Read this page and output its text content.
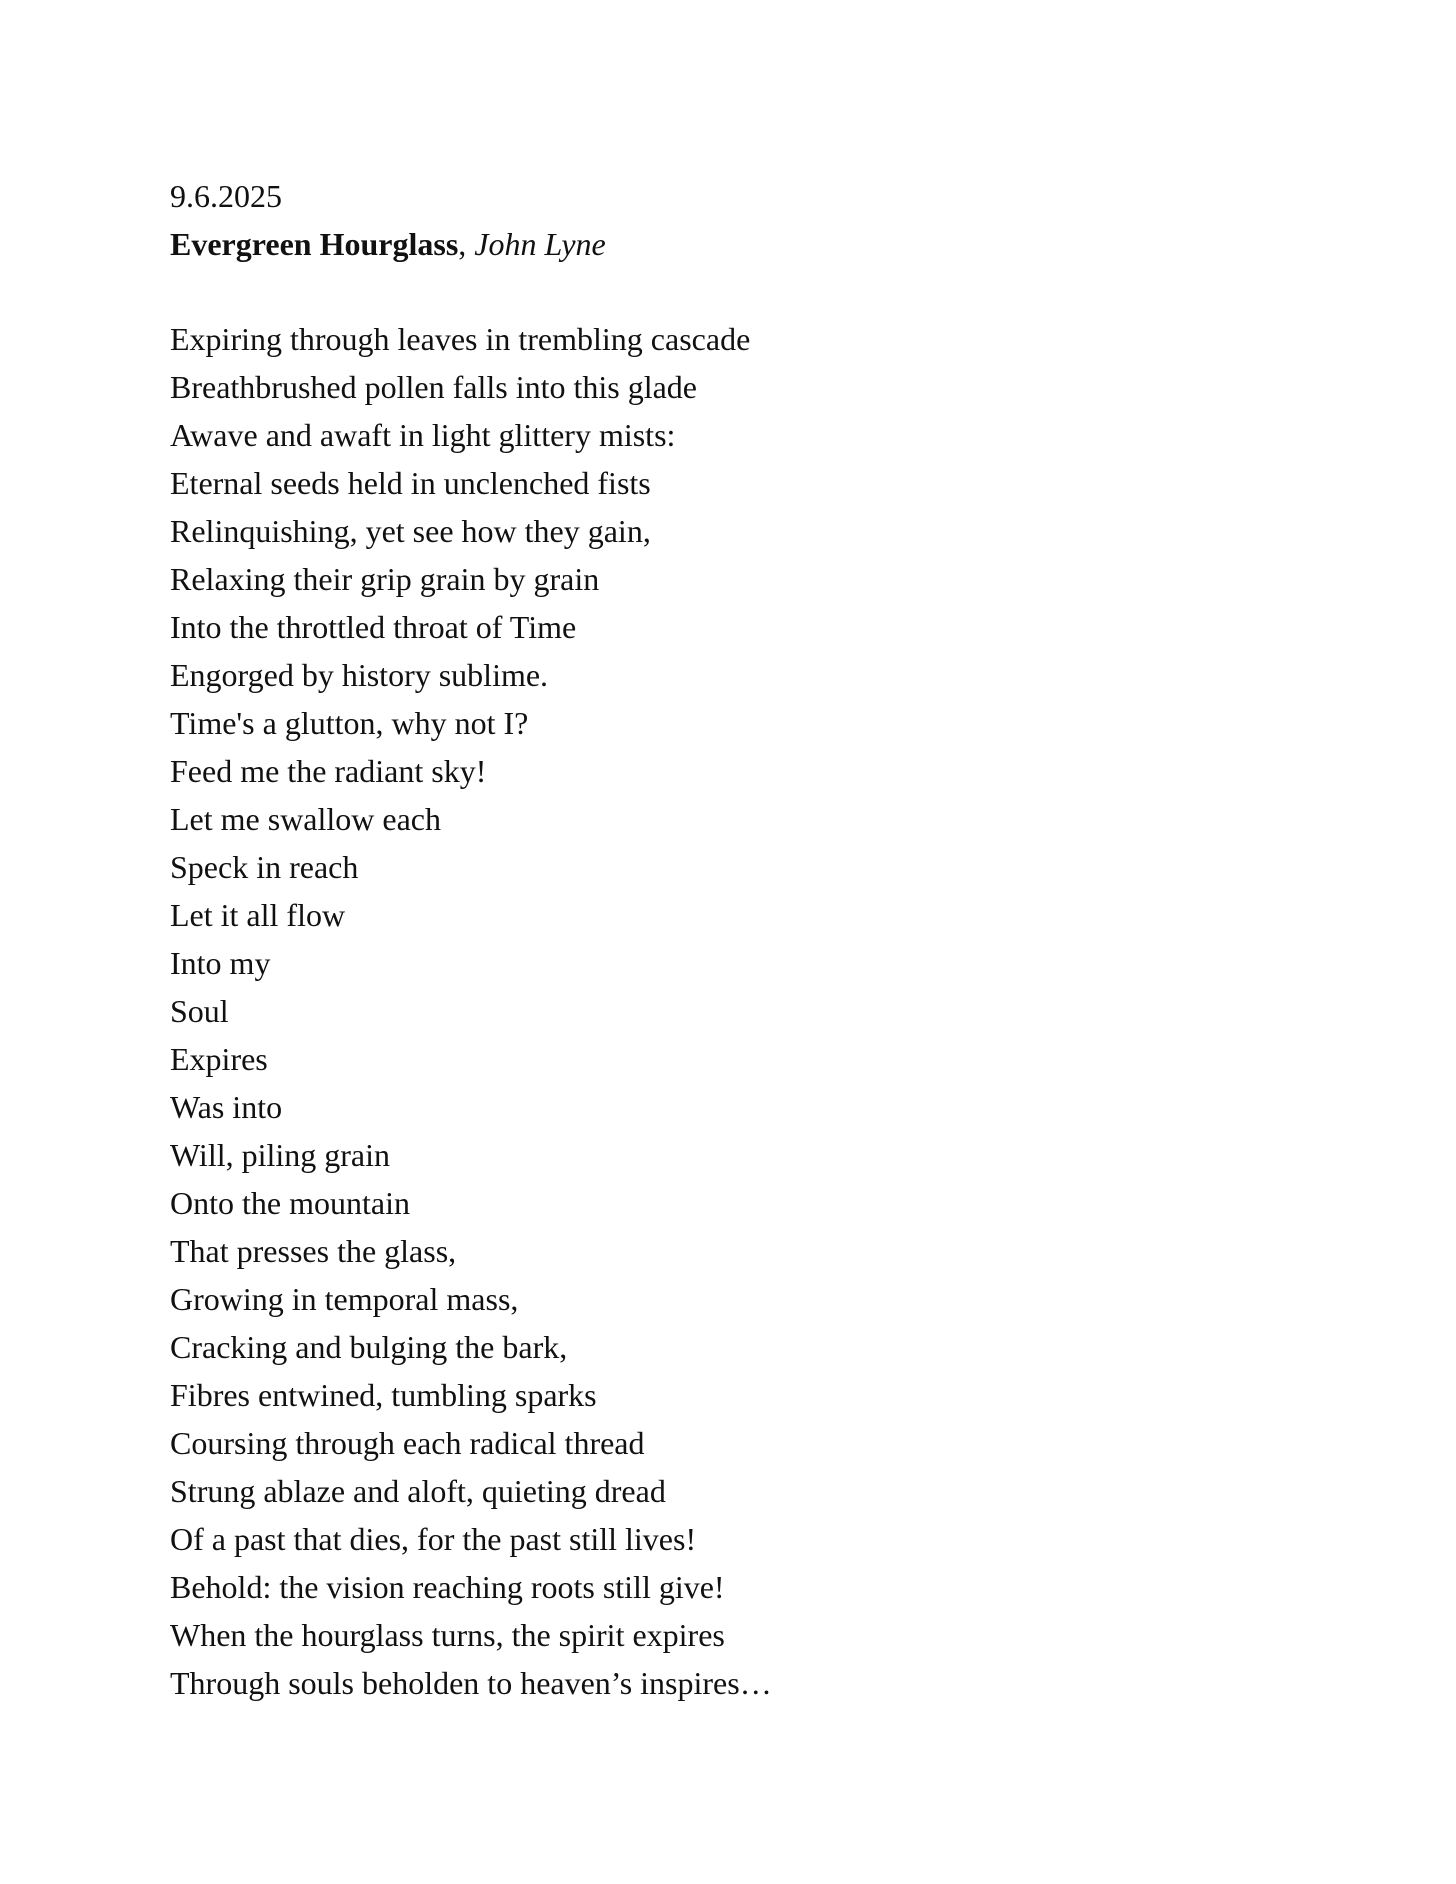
9.6.2025
Evergreen Hourglass, John Lyne
Expiring through leaves in trembling cascade
Breathbrushed pollen falls into this glade
Awave and awaft in light glittery mists:
Eternal seeds held in unclenched fists
Relinquishing, yet see how they gain,
Relaxing their grip grain by grain
Into the throttled throat of Time
Engorged by history sublime.
Time's a glutton, why not I?
Feed me the radiant sky!
Let me swallow each
Speck in reach
Let it all flow
Into my
Soul
Expires
Was into
Will, piling grain
Onto the mountain
That presses the glass,
Growing in temporal mass,
Cracking and bulging the bark,
Fibres entwined, tumbling sparks
Coursing through each radical thread
Strung ablaze and aloft, quieting dread
Of a past that dies, for the past still lives!
Behold: the vision reaching roots still give!
When the hourglass turns, the spirit expires
Through souls beholden to heaven’s inspires…
